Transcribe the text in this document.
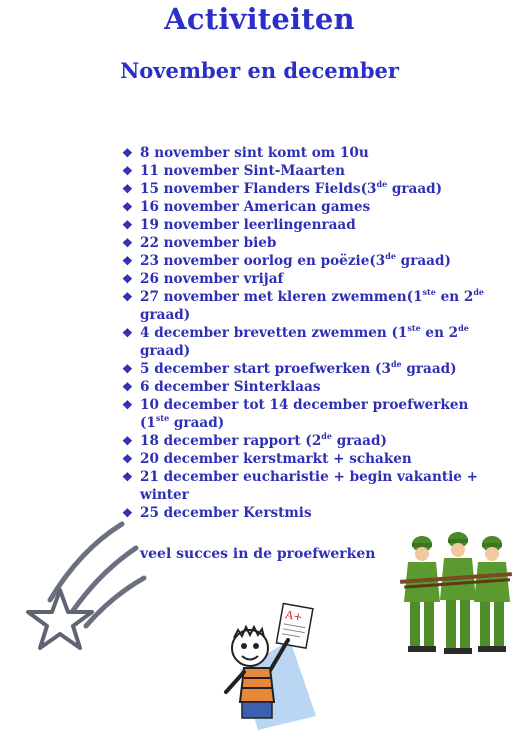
Activiteiten
November en december
❖ 8 november sint komt om 10u
❖ 11 november Sint-Maarten
❖ 15 november Flanders Fields(3de graad)
❖ 16 november American games
❖ 19 november leerlingenraad
❖ 22 november bieb
❖ 23 november oorlog en poëzie(3de graad)
❖ 26 november vrijaf
❖ 27 november met kleren zwemmen(1ste en 2de graad)
❖ 4 december brevetten zwemmen (1ste en 2de graad)
❖ 5 december start proefwerken (3de graad)
❖ 6 december Sinterklaas
❖ 10 december tot 14 december proefwerken (1ste graad)
❖ 18 december rapport (2de graad)
❖ 20 december kerstmarkt + schaken
❖ 21 december eucharistie + begin vakantie + winter
❖ 25 december Kerstmis
veel succes in de proefwerken
A+
